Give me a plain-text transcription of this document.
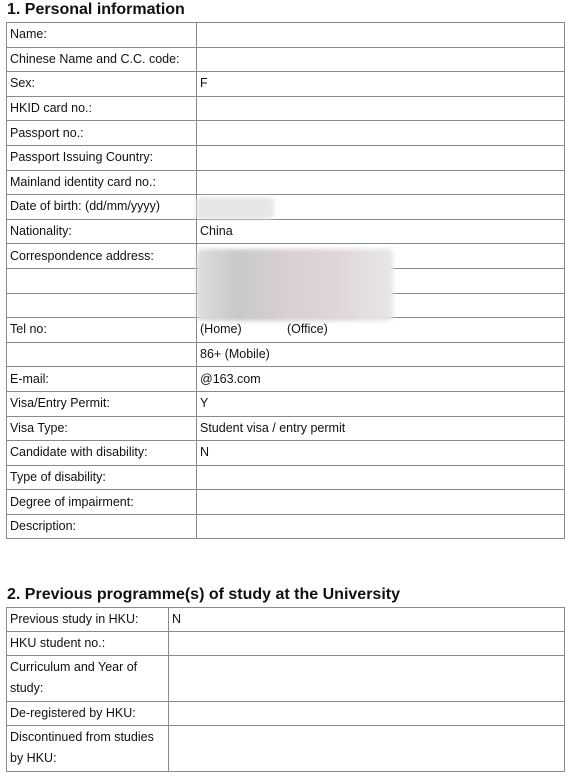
1. Personal information
Name:	
Chinese Name and C.C. code:	
Sex:	F
HKID card no.:	
Passport no.:	
Passport Issuing Country:	
Mainland identity card no.:	
Date of birth: (dd/mm/yyyy)	
Nationality:	China
Correspondence address:	

Tel no:	(Home) (Office)
	86+ (Mobile)
E-mail:	@163.com
Visa/Entry Permit:	Y
Visa Type:	Student visa / entry permit
Candidate with disability:	N
Type of disability:	
Degree of impairment:	
Description:	
2. Previous programme(s) of study at the University
Previous study in HKU:	N
HKU student no.:	
Curriculum and Year of study:	
De-registered by HKU:	
Discontinued from studies by HKU:	
